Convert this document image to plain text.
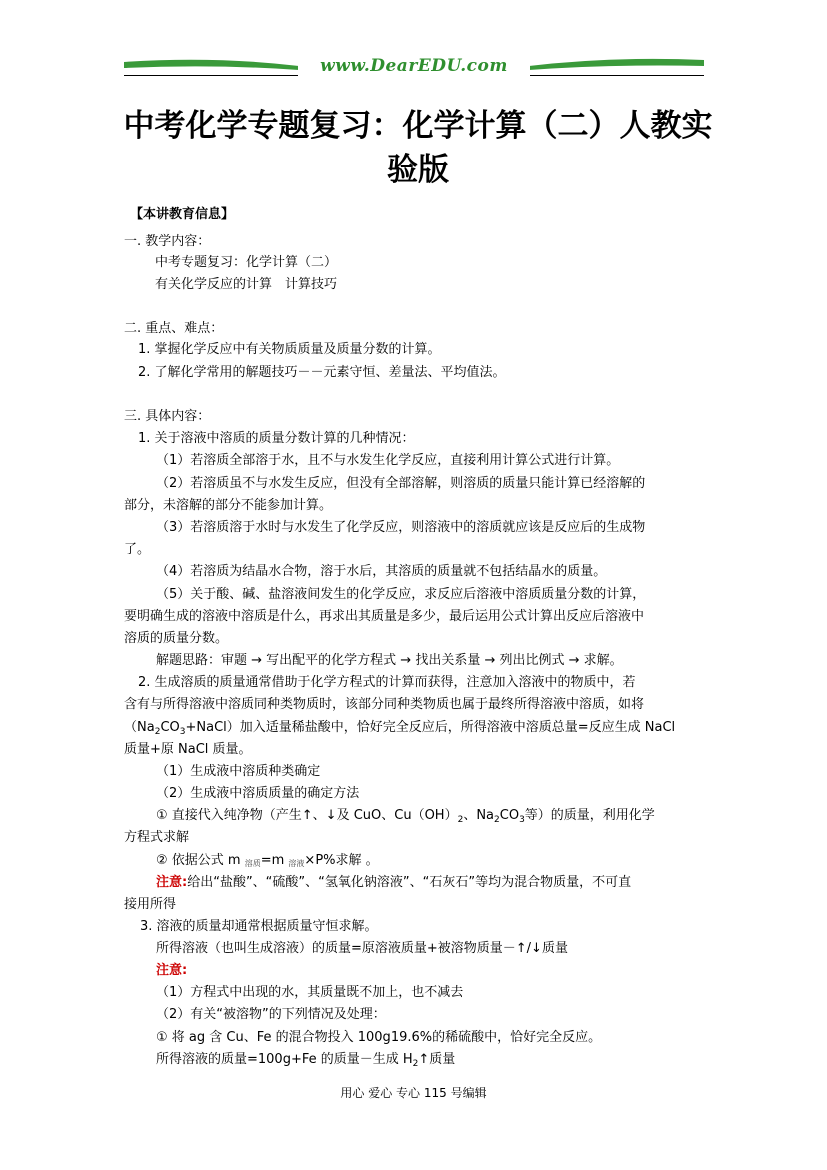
www.DearEDU.com
中考化学专题复习：化学计算（二）人教实
验版
【本讲教育信息】
一. 教学内容：
中考专题复习：化学计算（二）
有关化学反应的计算　计算技巧
二. 重点、难点：
1. 掌握化学反应中有关物质质量及质量分数的计算。
2. 了解化学常用的解题技巧－－元素守恒、差量法、平均值法。
三. 具体内容：
1. 关于溶液中溶质的质量分数计算的几种情况：
（1）若溶质全部溶于水，且不与水发生化学反应，直接利用计算公式进行计算。
（2）若溶质虽不与水发生反应，但没有全部溶解，则溶质的质量只能计算已经溶解的
部分，未溶解的部分不能参加计算。
（3）若溶质溶于水时与水发生了化学反应，则溶液中的溶质就应该是反应后的生成物
了。
（4）若溶质为结晶水合物，溶于水后，其溶质的质量就不包括结晶水的质量。
（5）关于酸、碱、盐溶液间发生的化学反应，求反应后溶液中溶质质量分数的计算，
要明确生成的溶液中溶质是什么，再求出其质量是多少，最后运用公式计算出反应后溶液中
溶质的质量分数。
解题思路：审题 → 写出配平的化学方程式 → 找出关系量 → 列出比例式 → 求解。
2. 生成溶质的质量通常借助于化学方程式的计算而获得，注意加入溶液中的物质中，若
含有与所得溶液中溶质同种类物质时，该部分同种类物质也属于最终所得溶液中溶质，如将
$(Na_2CO_3+NaCl)$加入适量稀盐酸中，恰好完全反应后，所得溶液中溶质总量=反应生成 NaCl
质量+原 NaCl 质量。
（1）生成液中溶质种类确定
（2）生成液中溶质质量的确定方法
① 直接代入纯净物（产生↑、↓及 CuO、$Cu(OH)_2$、$Na_2CO_3$等）的质量，利用化学
方程式求解
② 依据公式 m 溶质=m 溶液×P%求解 。
注意:给出“盐酸”、“硫酸”、“氢氧化钠溶液”、“石灰石”等均为混合物质量，不可直
接用所得
3. 溶液的质量却通常根据质量守恒求解。
所得溶液（也叫生成溶液）的质量=原溶液质量+被溶物质量－↑/↓质量
注意:
（1）方程式中出现的水，其质量既不加上，也不减去
（2）有关“被溶物”的下列情况及处理：
① 将 ag 含 Cu、Fe 的混合物投入 100g19.6%的稀硫酸中，恰好完全反应。
所得溶液的质量=100g+Fe 的质量－生成 $H_2↑$质量
用心 爱心 专心 115 号编辑
